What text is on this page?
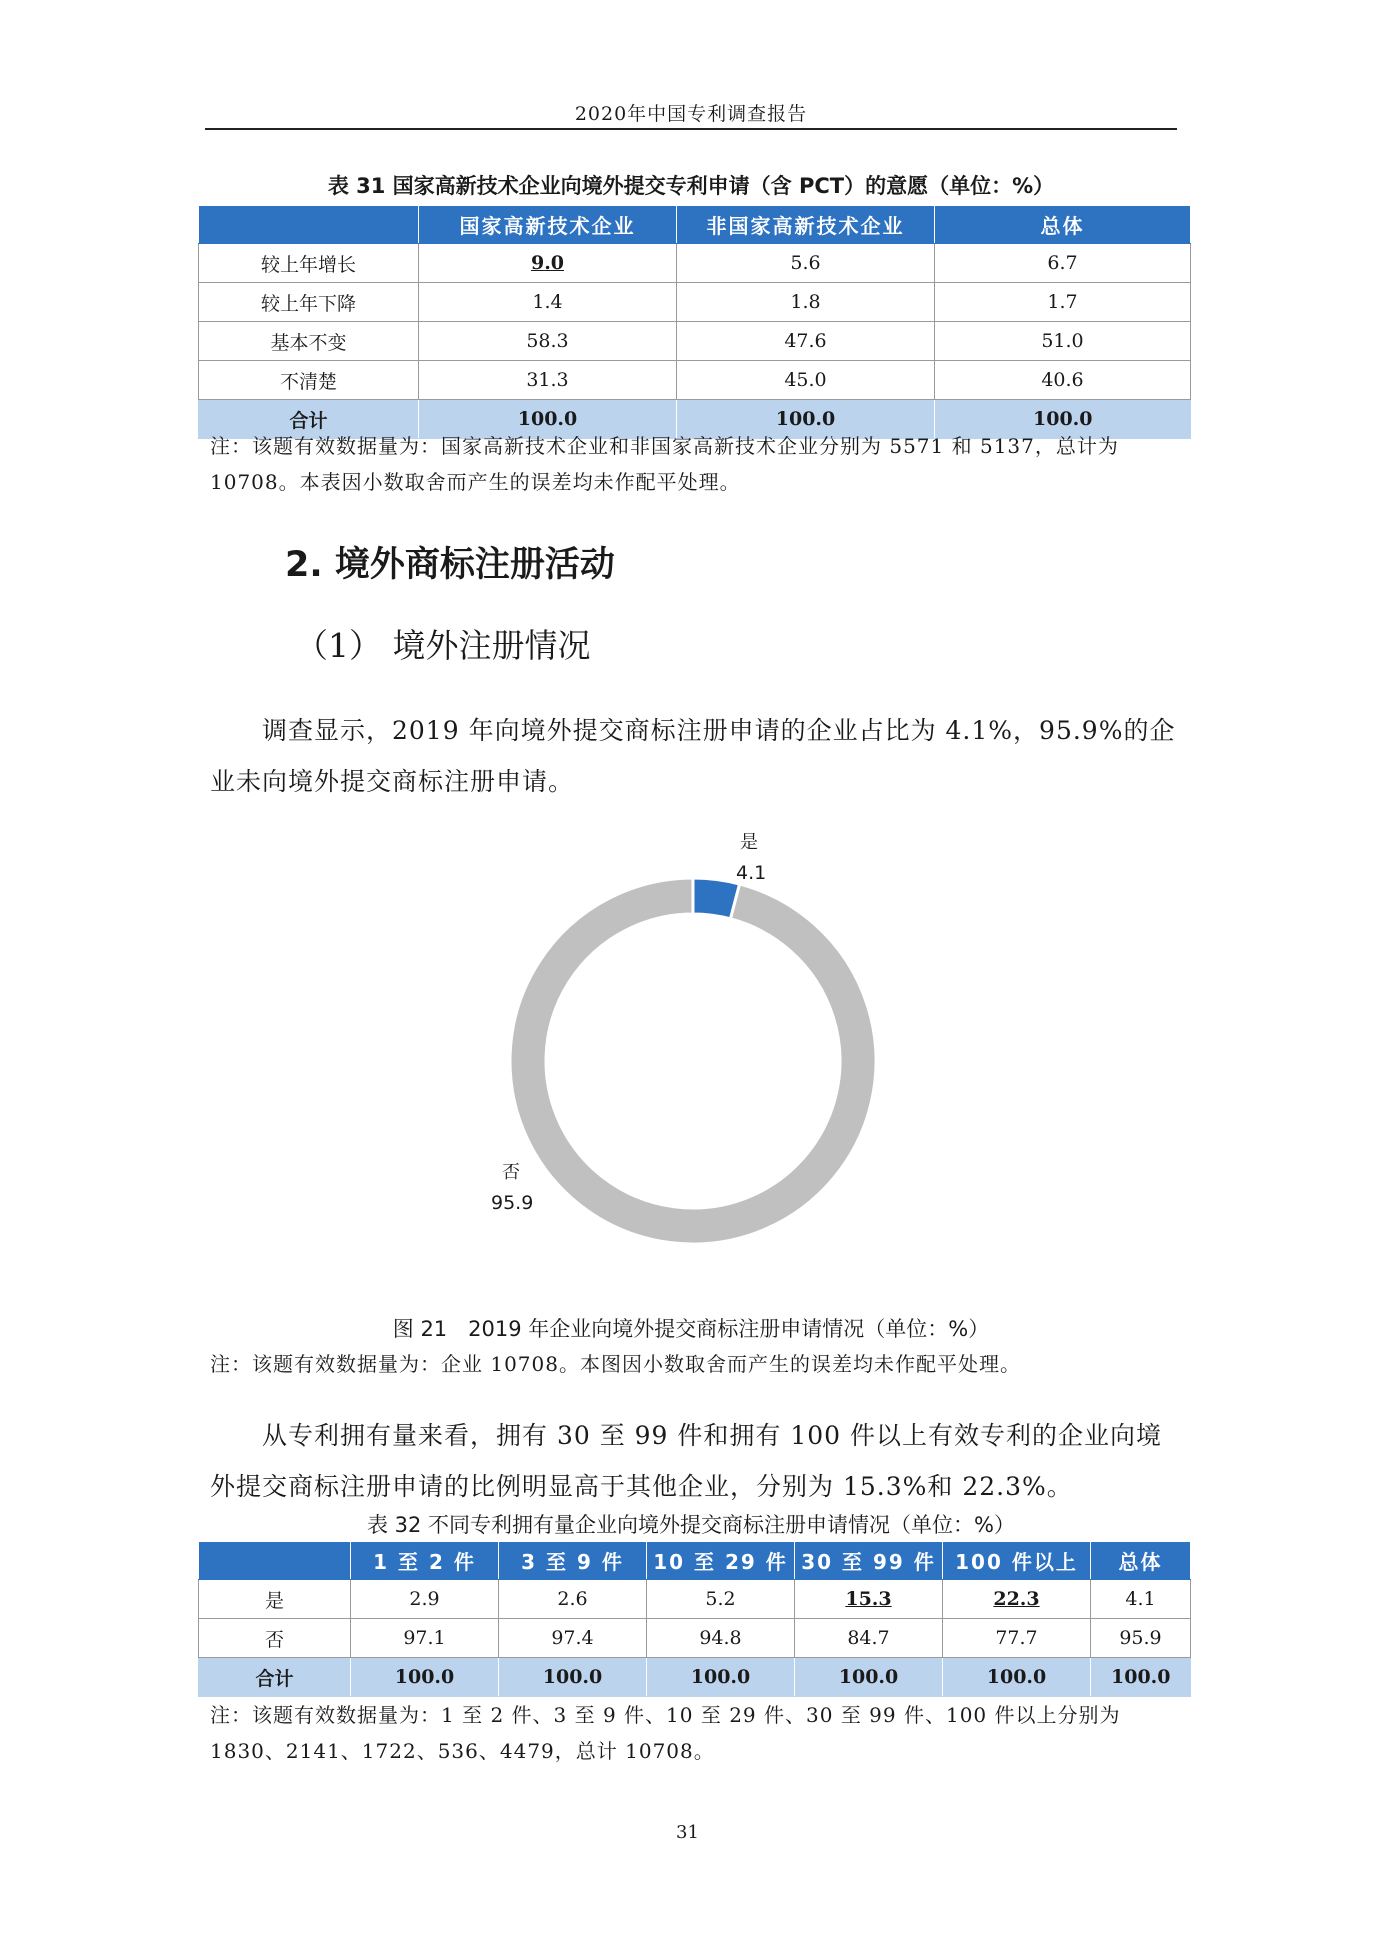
2020年中国专利调查报告
表 31 国家高新技术企业向境外提交专利申请（含 PCT）的意愿（单位：%）
	国家高新技术企业	非国家高新技术企业	总体
较上年增长	9.0	5.6	6.7
较上年下降	1.4	1.8	1.7
基本不变	58.3	47.6	51.0
不清楚	31.3	45.0	40.6
合计	100.0	100.0	100.0
注：该题有效数据量为：国家高新技术企业和非国家高新技术企业分别为 5571 和 5137，总计为 10708。本表因小数取舍而产生的误差均未作配平处理。
2. 境外商标注册活动
（1） 境外注册情况
调查显示，2019 年向境外提交商标注册申请的企业占比为 4.1%，95.9%的企业未向境外提交商标注册申请。
是
4.1
否
95.9
图 21　2019 年企业向境外提交商标注册申请情况（单位：%）
注：该题有效数据量为：企业 10708。本图因小数取舍而产生的误差均未作配平处理。
从专利拥有量来看，拥有 30 至 99 件和拥有 100 件以上有效专利的企业向境外提交商标注册申请的比例明显高于其他企业，分别为 15.3%和 22.3%。
表 32 不同专利拥有量企业向境外提交商标注册申请情况（单位：%）
	1 至 2 件	3 至 9 件	10 至 29 件	30 至 99 件	100 件以上	总体
是	2.9	2.6	5.2	15.3	22.3	4.1
否	97.1	97.4	94.8	84.7	77.7	95.9
合计	100.0	100.0	100.0	100.0	100.0	100.0
注：该题有效数据量为：1 至 2 件、3 至 9 件、10 至 29 件、30 至 99 件、100 件以上分别为 1830、2141、1722、536、4479，总计 10708。
31
